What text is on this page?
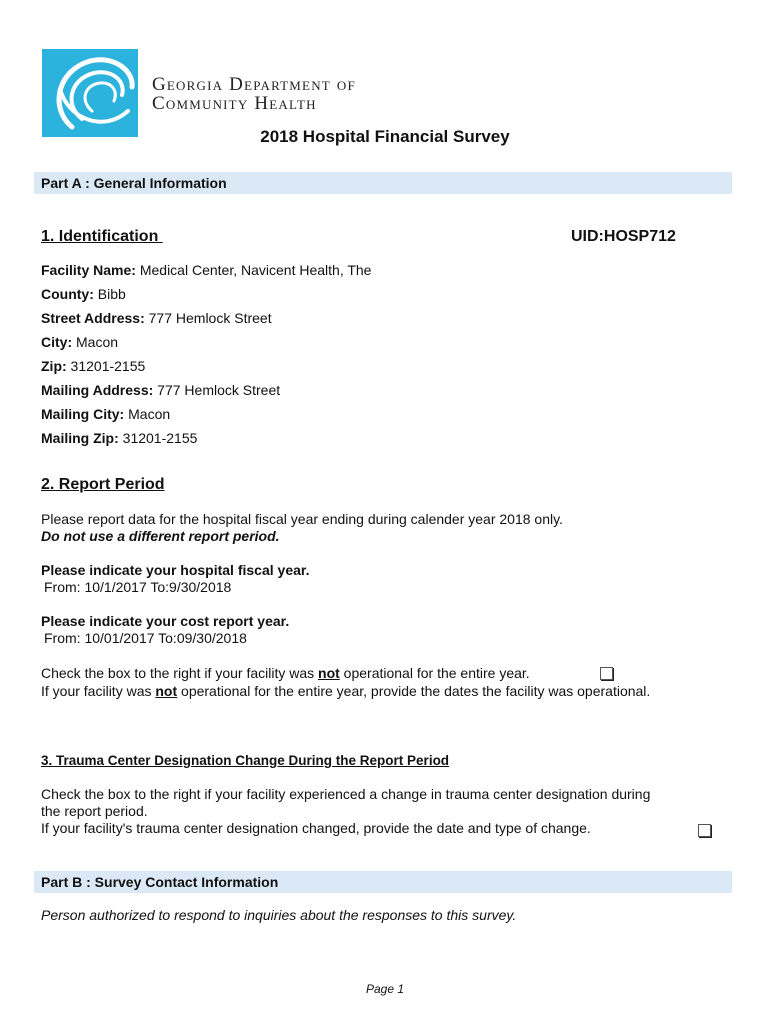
Georgia Department of
Community Health
2018 Hospital Financial Survey
Part A : General Information
1. Identification	UID:HOSP712
Facility Name: Medical Center, Navicent Health, The
County: Bibb
Street Address: 777 Hemlock Street
City: Macon
Zip: 31201-2155
Mailing Address: 777 Hemlock Street
Mailing City: Macon
Mailing Zip: 31201-2155
2. Report Period
Please report data for the hospital fiscal year ending during calender year 2018 only.
Do not use a different report period.
Please indicate your hospital fiscal year.
From: 10/1/2017 To:9/30/2018
Please indicate your cost report year.
From: 10/01/2017 To:09/30/2018
Check the box to the right if your facility was not operational for the entire year.
If your facility was not operational for the entire year, provide the dates the facility was operational.
3. Trauma Center Designation Change During the Report Period
Check the box to the right if your facility experienced a change in trauma center designation during
the report period.
If your facility's trauma center designation changed, provide the date and type of change.
Part B : Survey Contact Information
Person authorized to respond to inquiries about the responses to this survey.
Page 1
